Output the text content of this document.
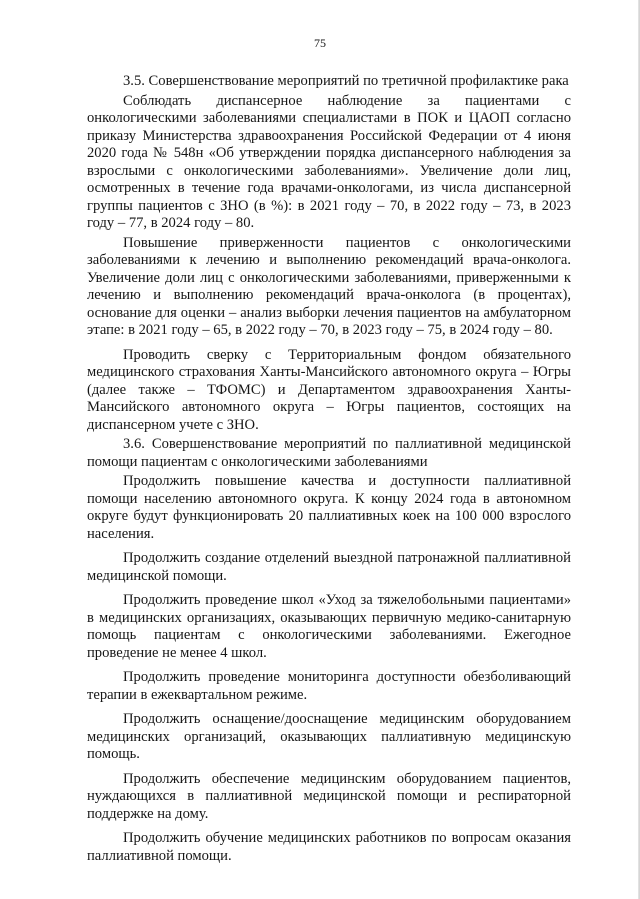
75

3.5. Совершенствование мероприятий по третичной профилактике рака

Соблюдать диспансерное наблюдение за пациентами с онкологическими заболеваниями специалистами в ПОК и ЦАОП согласно приказу Министерства здравоохранения Российской Федерации от 4 июня 2020 года № 548н «Об утверждении порядка диспансерного наблюдения за взрослыми с онкологическими заболеваниями». Увеличение доли лиц, осмотренных в течение года врачами-онкологами, из числа диспансерной группы пациентов с ЗНО (в %): в 2021 году – 70, в 2022 году – 73, в 2023 году – 77, в 2024 году – 80.

Повышение приверженности пациентов с онкологическими заболеваниями к лечению и выполнению рекомендаций врача-онколога. Увеличение доли лиц с онкологическими заболеваниями, приверженными к лечению и выполнению рекомендаций врача-онколога (в процентах), основание для оценки – анализ выборки лечения пациентов на амбулаторном этапе: в 2021 году – 65, в 2022 году – 70, в 2023 году – 75, в 2024 году – 80.

Проводить сверку с Территориальным фондом обязательного медицинского страхования Ханты-Мансийского автономного округа – Югры (далее также – ТФОМС) и Департаментом здравоохранения Ханты-Мансийского автономного округа – Югры пациентов, состоящих на диспансерном учете с ЗНО.

3.6. Совершенствование мероприятий по паллиативной медицинской помощи пациентам с онкологическими заболеваниями

Продолжить повышение качества и доступности паллиативной помощи населению автономного округа. К концу 2024 года в автономном округе будут функционировать 20 паллиативных коек на 100 000 взрослого населения.

Продолжить создание отделений выездной патронажной паллиативной медицинской помощи.

Продолжить проведение школ «Уход за тяжелобольными пациентами» в медицинских организациях, оказывающих первичную медико-санитарную помощь пациентам с онкологическими заболеваниями. Ежегодное проведение не менее 4 школ.

Продолжить проведение мониторинга доступности обезболивающий терапии в ежеквартальном режиме.

Продолжить оснащение/дооснащение медицинским оборудованием медицинских организаций, оказывающих паллиативную медицинскую помощь.

Продолжить обеспечение медицинским оборудованием пациентов, нуждающихся в паллиативной медицинской помощи и респираторной поддержке на дому.

Продолжить обучение медицинских работников по вопросам оказания паллиативной помощи.
